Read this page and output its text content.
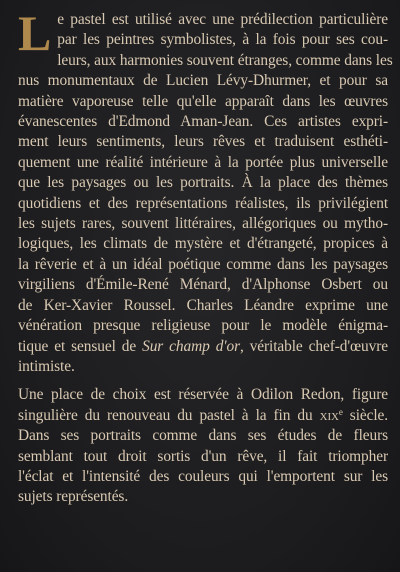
L e pastel est utilisé avec une prédilection particulière
par les peintres symbolistes, à la fois pour ses cou-
leurs, aux harmonies souvent étranges, comme dans les
nus monumentaux de Lucien Lévy-Dhurmer, et pour sa
matière vaporeuse telle qu'elle apparaît dans les œuvres
évanescentes d'Edmond Aman-Jean. Ces artistes expri-
ment leurs sentiments, leurs rêves et traduisent esthéti-
quement une réalité intérieure à la portée plus universelle
que les paysages ou les portraits. À la place des thèmes
quotidiens et des représentations réalistes, ils privilégient
les sujets rares, souvent littéraires, allégoriques ou mytho-
logiques, les climats de mystère et d'étrangeté, propices à
la rêverie et à un idéal poétique comme dans les paysages
virgiliens d'Émile-René Ménard, d'Alphonse Osbert ou
de Ker-Xavier Roussel. Charles Léandre exprime une
vénération presque religieuse pour le modèle énigma-
tique et sensuel de Sur champ d'or, véritable chef-d'œuvre
intimiste.
Une place de choix est réservée à Odilon Redon, figure
singulière du renouveau du pastel à la fin du xix$^e$ siècle.
Dans ses portraits comme dans ses études de fleurs
semblant tout droit sortis d'un rêve, il fait triompher
l'éclat et l'intensité des couleurs qui l'emportent sur les
sujets représentés.
